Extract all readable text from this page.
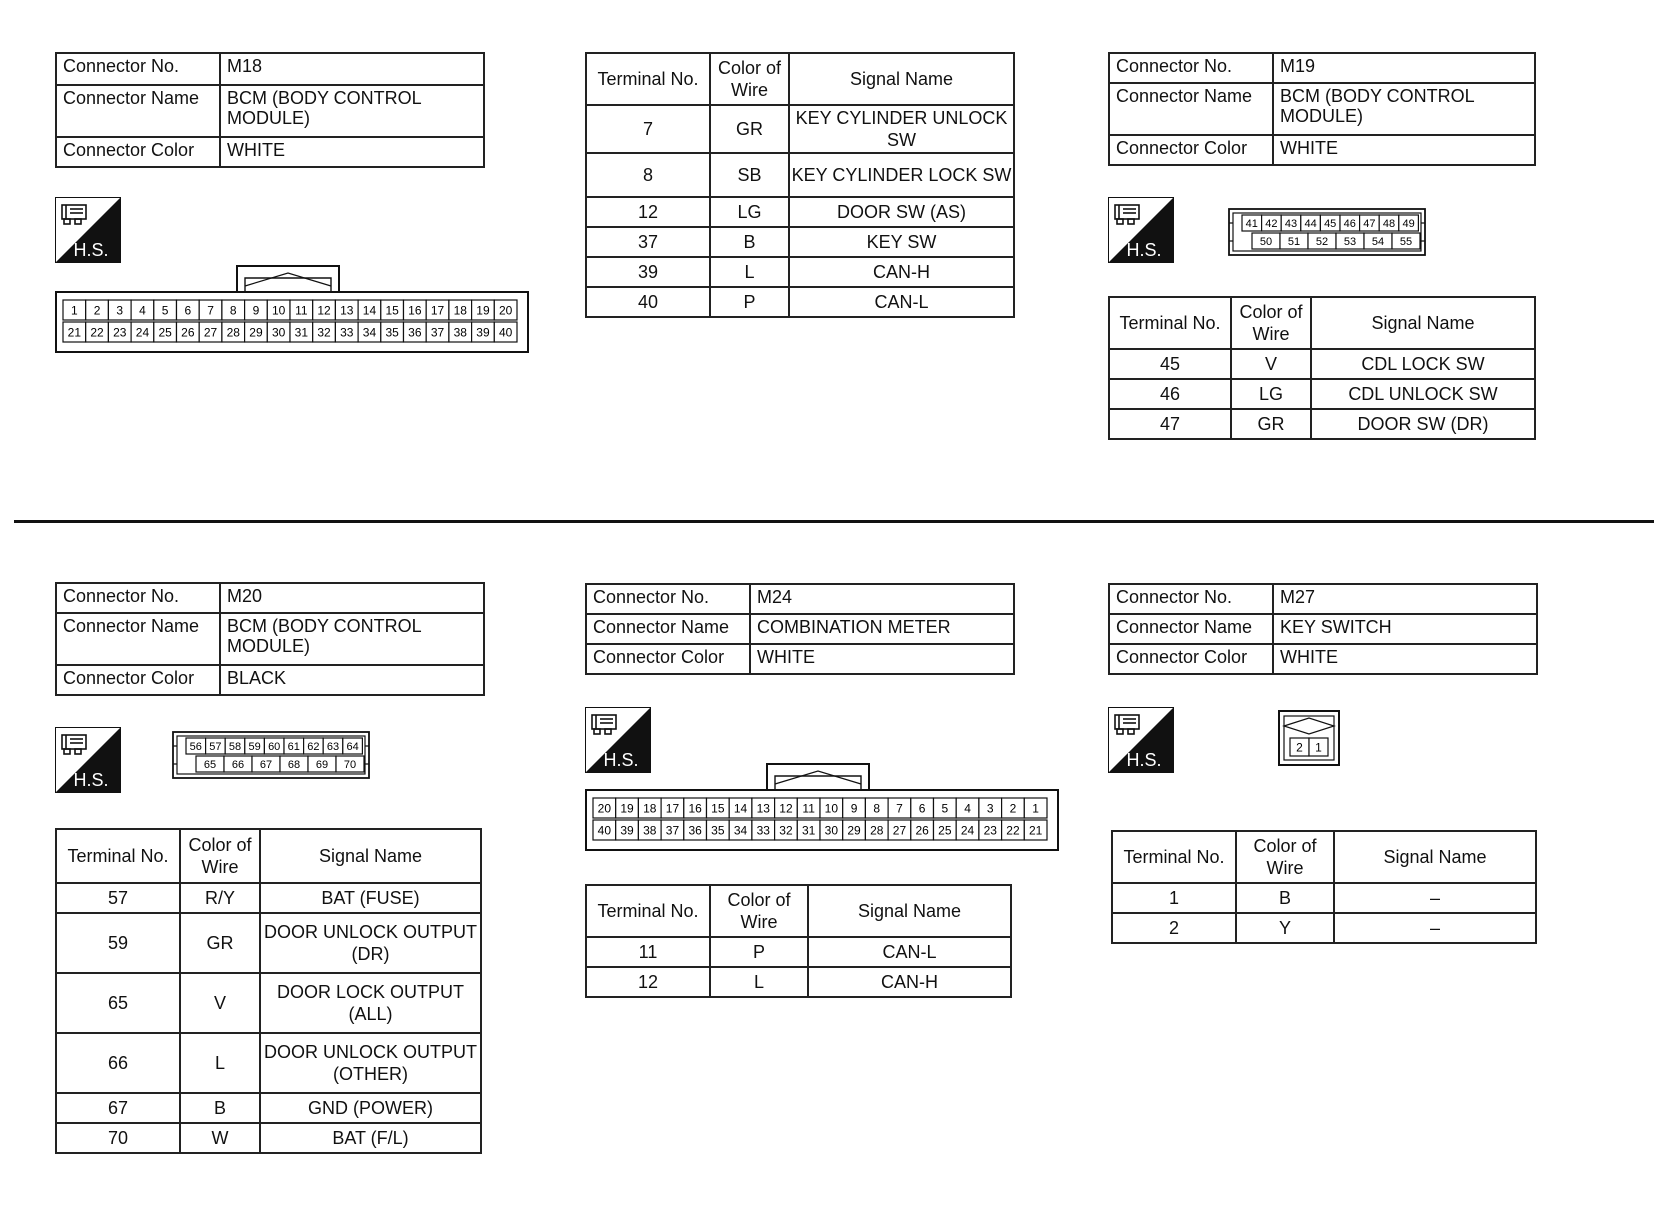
Connector No.	M18
Connector Name	BCM (BODY CONTROL MODULE)
Connector Color	WHITE
H.S.
1 2 3 4 5 6 7 8 9 10 11 12 13 14 15 16 17 18 19 20
21 22 23 24 25 26 27 28 29 30 31 32 33 34 35 36 37 38 39 40
Terminal No.	Color of Wire	Signal Name
7	GR	KEY CYLINDER UNLOCK SW
8	SB	KEY CYLINDER LOCK SW
12	LG	DOOR SW (AS)
37	B	KEY SW
39	L	CAN-H
40	P	CAN-L
Connector No.	M19
Connector Name	BCM (BODY CONTROL MODULE)
Connector Color	WHITE
H.S.
41 42 43 44 45 46 47 48 49
50 51 52 53 54 55
Terminal No.	Color of Wire	Signal Name
45	V	CDL LOCK SW
46	LG	CDL UNLOCK SW
47	GR	DOOR SW (DR)
Connector No.	M20
Connector Name	BCM (BODY CONTROL MODULE)
Connector Color	BLACK
H.S.
56 57 58 59 60 61 62 63 64
65 66 67 68 69 70
Terminal No.	Color of Wire	Signal Name
57	R/Y	BAT (FUSE)
59	GR	DOOR UNLOCK OUTPUT (DR)
65	V	DOOR LOCK OUTPUT (ALL)
66	L	DOOR UNLOCK OUTPUT (OTHER)
67	B	GND (POWER)
70	W	BAT (F/L)
Connector No.	M24
Connector Name	COMBINATION METER
Connector Color	WHITE
H.S.
20 19 18 17 16 15 14 13 12 11 10 9 8 7 6 5 4 3 2 1
40 39 38 37 36 35 34 33 32 31 30 29 28 27 26 25 24 23 22 21
Terminal No.	Color of Wire	Signal Name
11	P	CAN-L
12	L	CAN-H
Connector No.	M27
Connector Name	KEY SWITCH
Connector Color	WHITE
H.S.
2 1
Terminal No.	Color of Wire	Signal Name
1	B	–
2	Y	–
